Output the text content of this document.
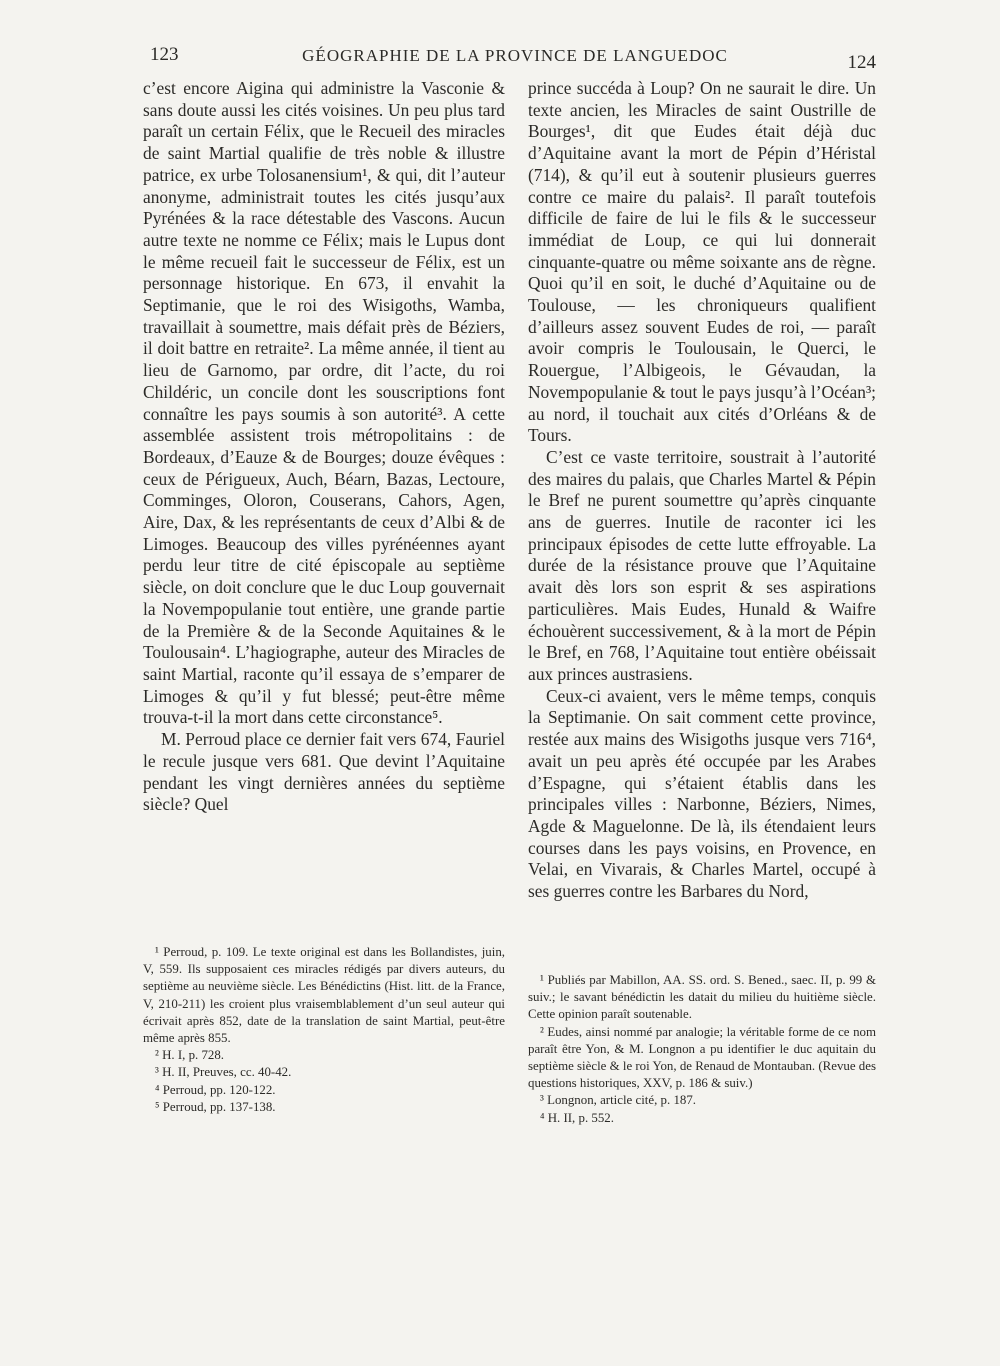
123	GÉOGRAPHIE DE LA PROVINCE DE LANGUEDOC	124

c’est encore Aigina qui administre la Vasconie & sans doute aussi les cités voisines. Un peu plus tard paraît un certain Félix, que le Recueil des miracles de saint Martial qualifie de très noble & illustre patrice, ex urbe Tolosanensium¹, & qui, dit l’auteur anonyme, administrait toutes les cités jusqu’aux Pyrénées & la race détestable des Vascons. Aucun autre texte ne nomme ce Félix; mais le Lupus dont le même recueil fait le successeur de Félix, est un personnage historique. En 673, il envahit la Septimanie, que le roi des Wisigoths, Wamba, travaillait à soumettre, mais défait près de Béziers, il doit battre en retraite². La même année, il tient au lieu de Garnomo, par ordre, dit l’acte, du roi Childéric, un concile dont les souscriptions font connaître les pays soumis à son autorité³. A cette assemblée assistent trois métropolitains : de Bordeaux, d’Eauze & de Bourges; douze évêques : ceux de Périgueux, Auch, Béarn, Bazas, Lectoure, Comminges, Oloron, Couserans, Cahors, Agen, Aire, Dax, & les représentants de ceux d’Albi & de Limoges. Beaucoup des villes pyrénéennes ayant perdu leur titre de cité épiscopale au septième siècle, on doit conclure que le duc Loup gouvernait la Novempopulanie tout entière, une grande partie de la Première & de la Seconde Aquitaines & le Toulousain⁴. L’hagiographe, auteur des Miracles de saint Martial, raconte qu’il essaya de s’emparer de Limoges & qu’il y fut blessé; peut-être même trouva-t-il la mort dans cette circonstance⁵.

M. Perroud place ce dernier fait vers 674, Fauriel le recule jusque vers 681. Que devint l’Aquitaine pendant les vingt dernières années du septième siècle? Quel

prince succéda à Loup? On ne saurait le dire. Un texte ancien, les Miracles de saint Oustrille de Bourges¹, dit que Eudes était déjà duc d’Aquitaine avant la mort de Pépin d’Héristal (714), & qu’il eut à soutenir plusieurs guerres contre ce maire du palais². Il paraît toutefois difficile de faire de lui le fils & le successeur immédiat de Loup, ce qui lui donnerait cinquante-quatre ou même soixante ans de règne. Quoi qu’il en soit, le duché d’Aquitaine ou de Toulouse, — les chroniqueurs qualifient d’ailleurs assez souvent Eudes de roi, — paraît avoir compris le Toulousain, le Querci, le Rouergue, l’Albigeois, le Gévaudan, la Novempopulanie & tout le pays jusqu’à l’Océan³; au nord, il touchait aux cités d’Orléans & de Tours.

C’est ce vaste territoire, soustrait à l’autorité des maires du palais, que Charles Martel & Pépin le Bref ne purent soumettre qu’après cinquante ans de guerres. Inutile de raconter ici les principaux épisodes de cette lutte effroyable. La durée de la résistance prouve que l’Aquitaine avait dès lors son esprit & ses aspirations particulières. Mais Eudes, Hunald & Waifre échouèrent successivement, & à la mort de Pépin le Bref, en 768, l’Aquitaine tout entière obéissait aux princes austrasiens.

Ceux-ci avaient, vers le même temps, conquis la Septimanie. On sait comment cette province, restée aux mains des Wisigoths jusque vers 716⁴, avait un peu après été occupée par les Arabes d’Espagne, qui s’étaient établis dans les principales villes : Narbonne, Béziers, Nimes, Agde & Maguelonne. De là, ils étendaient leurs courses dans les pays voisins, en Provence, en Velai, en Vivarais, & Charles Martel, occupé à ses guerres contre les Barbares du Nord,

¹ Perroud, p. 109. Le texte original est dans les Bollandistes, juin, V, 559. Ils supposaient ces miracles rédigés par divers auteurs, du septième au neuvième siècle. Les Bénédictins (Hist. litt. de la France, V, 210-211) les croient plus vraisemblablement d’un seul auteur qui écrivait après 852, date de la translation de saint Martial, peut-être même après 855.

² H. I, p. 728.

³ H. II, Preuves, cc. 40-42.

⁴ Perroud, pp. 120-122.

⁵ Perroud, pp. 137-138.

¹ Publiés par Mabillon, AA. SS. ord. S. Bened., saec. II, p. 99 & suiv.; le savant bénédictin les datait du milieu du huitième siècle. Cette opinion paraît soutenable.

² Eudes, ainsi nommé par analogie; la véritable forme de ce nom paraît être Yon, & M. Longnon a pu identifier le duc aquitain du septième siècle & le roi Yon, de Renaud de Montauban. (Revue des questions historiques, XXV, p. 186 & suiv.)

³ Longnon, article cité, p. 187.

⁴ H. II, p. 552.
